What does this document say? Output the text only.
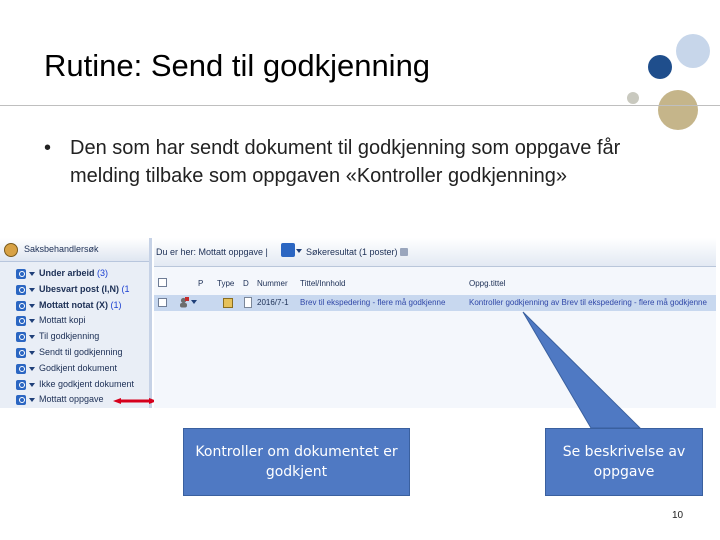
Rutine: Send til godkjenning
• Den som har sendt dokument til godkjenning som oppgave får melding tilbake som oppgaven «Kontroller godkjenning»
Saksbehandlersøk
Under arbeid (3)
Ubesvart post (I,N) (1
Mottatt notat (X) (1)
Mottatt kopi
Til godkjenning
Sendt til godkjenning
Godkjent dokument
Ikke godkjent dokument
Mottatt oppgave
Du er her: Mottatt oppgave |	Søkeresultat (1 poster)
P Type D Nummer Tittel/Innhold	Oppg.tittel
2016/7-1 Brev til ekspedering - flere må godkjenne	Kontroller godkjenning av Brev til ekspedering - flere må godkjenne
Kontroller om dokumentet er godkjent
Se beskrivelse av oppgave
10
